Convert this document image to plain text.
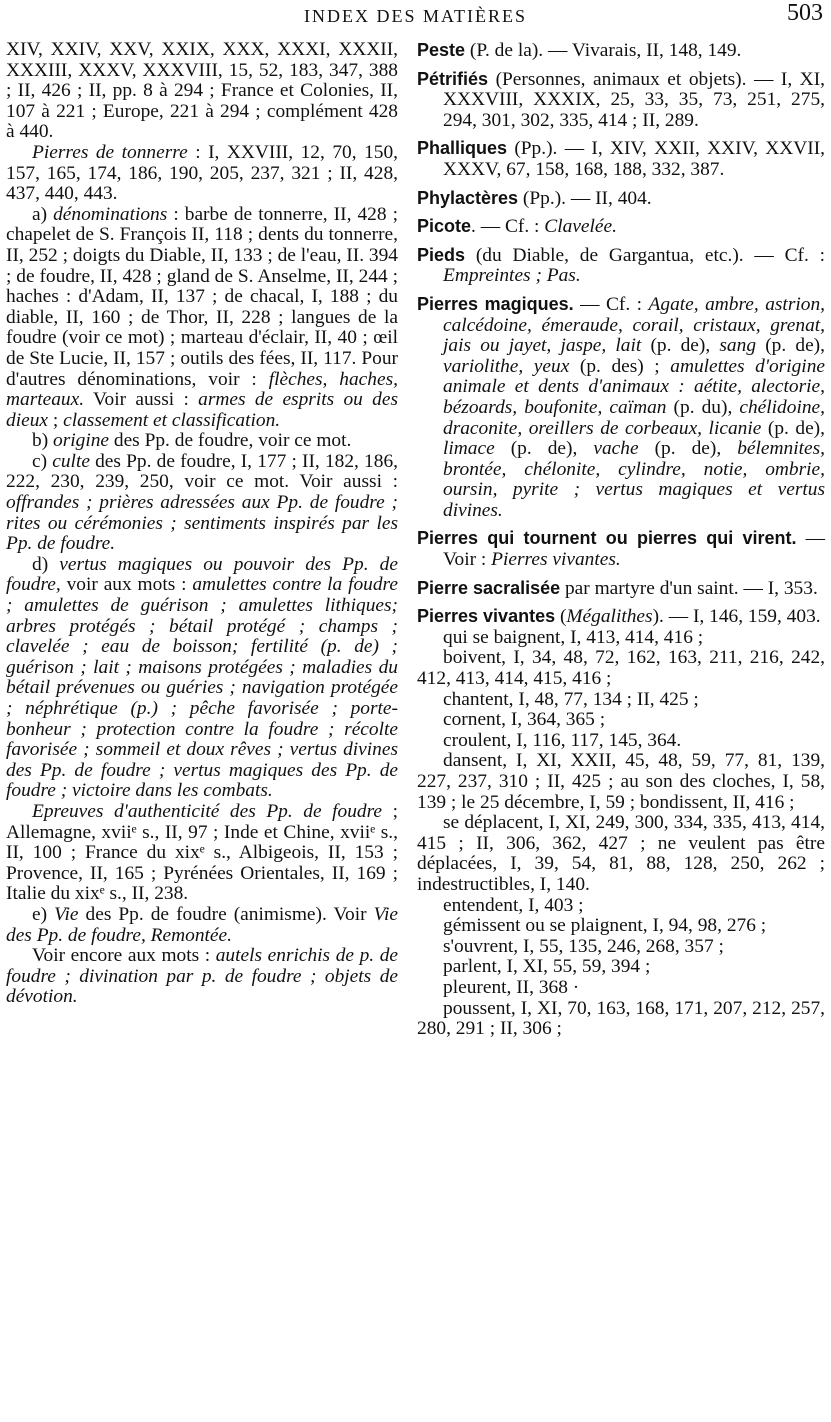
INDEX DES MATIÈRES	503

XIV, XXIV, XXV, XXIX, XXX, XXXI, XXXII, XXXIII, XXXV, XXXVIII, 15, 52, 183, 347, 388 ; II, 426 ; II, pp. 8 à 294 ; France et Colonies, II, 107 à 221 ; Europe, 221 à 294 ; complément 428 à 440.

Pierres de tonnerre : I, XXVIII, 12, 70, 150, 157, 165, 174, 186, 190, 205, 237, 321 ; II, 428, 437, 440, 443.

a) dénominations : barbe de tonnerre, II, 428 ; chapelet de S. François II, 118 ; dents du tonnerre, II, 252 ; doigts du Diable, II, 133 ; de l'eau, II. 394 ; de foudre, II, 428 ; gland de S. Anselme, II, 244 ; haches : d'Adam, II, 137 ; de chacal, I, 188 ; du diable, II, 160 ; de Thor, II, 228 ; langues de la foudre (voir ce mot) ; marteau d'éclair, II, 40 ; œil de Ste Lucie, II, 157 ; outils des fées, II, 117. Pour d'autres dénominations, voir : flèches, haches, marteaux. Voir aussi : armes de esprits ou des dieux ; classement et classification.

b) origine des Pp. de foudre, voir ce mot.

c) culte des Pp. de foudre, I, 177 ; II, 182, 186, 222, 230, 239, 250, voir ce mot. Voir aussi : offrandes ; prières adressées aux Pp. de foudre ; rites ou cérémonies ; sentiments inspirés par les Pp. de foudre.

d) vertus magiques ou pouvoir des Pp. de foudre, voir aux mots : amulettes contre la foudre ; amulettes de guérison ; amulettes lithiques; arbres protégés ; bétail protégé ; champs ; clavelée ; eau de boisson; fertilité (p. de) ; guérison ; lait ; maisons protégées ; maladies du bétail prévenues ou guéries ; navigation protégée ; néphrétique (p.) ; pêche favorisée ; porte-bonheur ; protection contre la foudre ; récolte favorisée ; sommeil et doux rêves ; vertus divines des Pp. de foudre ; vertus magiques des Pp. de foudre ; victoire dans les combats.

Epreuves d'authenticité des Pp. de foudre ; Allemagne, xviiᵉ s., II, 97 ; Inde et Chine, xviiᵉ s., II, 100 ; France du xixᵉ s., Albigeois, II, 153 ; Provence, II, 165 ; Pyrénées Orientales, II, 169 ; Italie du xixᵉ s., II, 238.

e) Vie des Pp. de foudre (animisme). Voir Vie des Pp. de foudre, Remontée.

Voir encore aux mots : autels enrichis de p. de foudre ; divination par p. de foudre ; objets de dévotion.

Peste (P. de la). — Vivarais, II, 148, 149.

Pétrifiés (Personnes, animaux et objets). — I, XI, XXXVIII, XXXIX, 25, 33, 35, 73, 251, 275, 294, 301, 302, 335, 414 ; II, 289.

Phalliques (Pp.). — I, XIV, XXII, XXIV, XXVII, XXXV, 67, 158, 168, 188, 332, 387.

Phylactères (Pp.). — II, 404.

Picote. — Cf. : Clavelée.

Pieds (du Diable, de Gargantua, etc.). — Cf. : Empreintes ; Pas.

Pierres magiques. — Cf. : Agate, ambre, astrion, calcédoine, émeraude, corail, cristaux, grenat, jais ou jayet, jaspe, lait (p. de), sang (p. de), variolithe, yeux (p. des) ; amulettes d'origine animale et dents d'animaux : aétite, alectorie, bézoards, boufonite, caïman (p. du), chélidoine, draconite, oreillers de corbeaux, licanie (p. de), limace (p. de), vache (p. de), bélemnites, brontée, chélonite, cylindre, notie, ombrie, oursin, pyrite ; vertus magiques et vertus divines.

Pierres qui tournent ou pierres qui virent. — Voir : Pierres vivantes.

Pierre sacralisée par martyre d'un saint. — I, 353.

Pierres vivantes (Mégalithes). — I, 146, 159, 403.

qui se baignent, I, 413, 414, 416 ;

boivent, I, 34, 48, 72, 162, 163, 211, 216, 242, 412, 413, 414, 415, 416 ;

chantent, I, 48, 77, 134 ; II, 425 ;

cornent, I, 364, 365 ;

croulent, I, 116, 117, 145, 364.

dansent, I, XI, XXII, 45, 48, 59, 77, 81, 139, 227, 237, 310 ; II, 425 ; au son des cloches, I, 58, 139 ; le 25 décembre, I, 59 ; bondissent, II, 416 ;

se déplacent, I, XI, 249, 300, 334, 335, 413, 414, 415 ; II, 306, 362, 427 ; ne veulent pas être déplacées, I, 39, 54, 81, 88, 128, 250, 262 ; indestructibles, I, 140.

entendent, I, 403 ;

gémissent ou se plaignent, I, 94, 98, 276 ;

s'ouvrent, I, 55, 135, 246, 268, 357 ;

parlent, I, XI, 55, 59, 394 ;

pleurent, II, 368 ·

poussent, I, XI, 70, 163, 168, 171, 207, 212, 257, 280, 291 ; II, 306 ;
